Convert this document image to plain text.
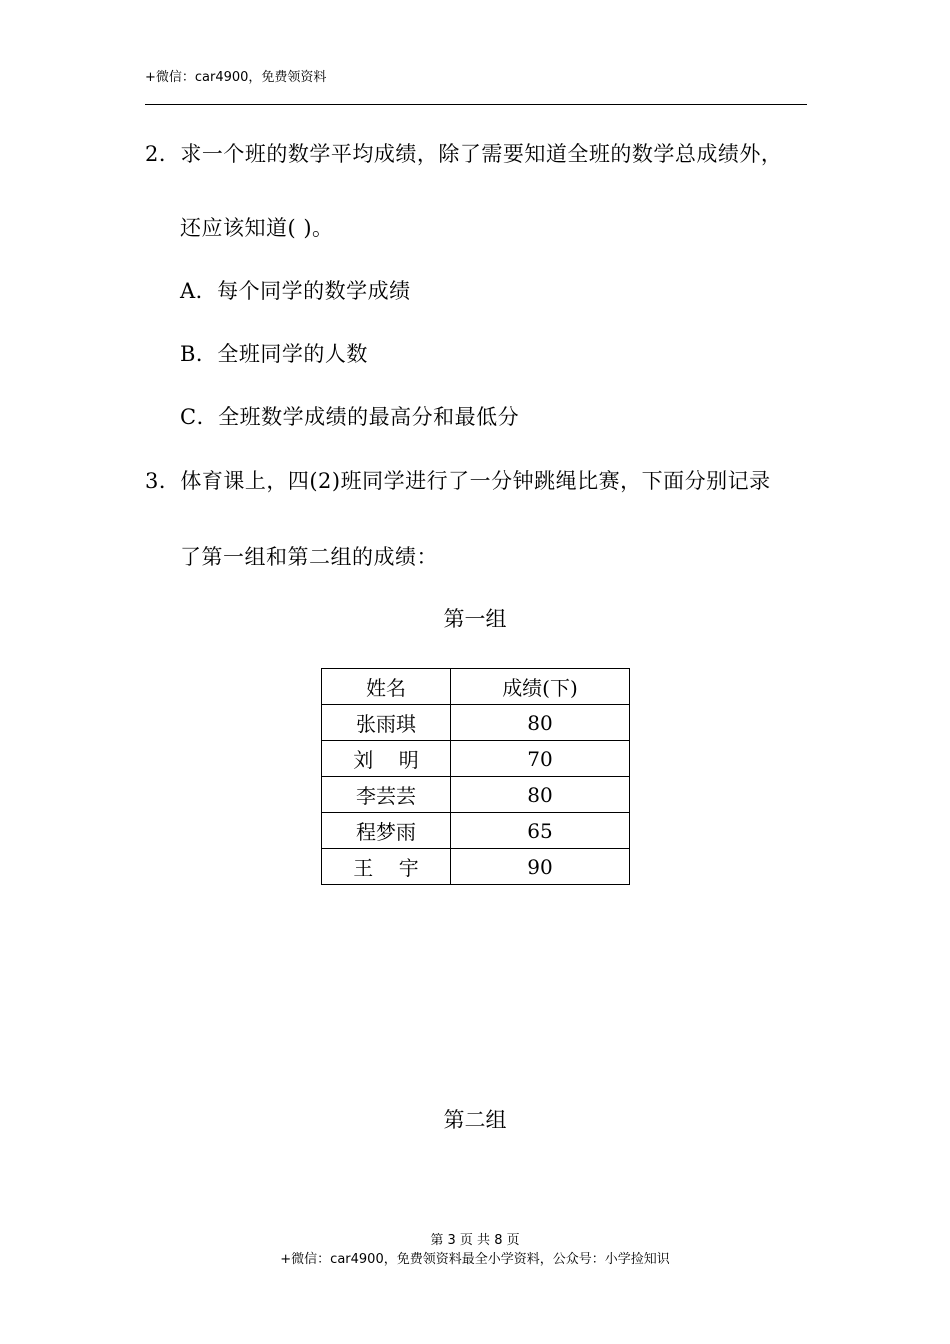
+微信：car4900，免费领资料
2．求一个班的数学平均成绩，除了需要知道全班的数学总成绩外，
还应该知道( )。
A．每个同学的数学成绩
B．全班同学的人数
C．全班数学成绩的最高分和最低分
3．体育课上，四(2)班同学进行了一分钟跳绳比赛，下面分别记录
了第一组和第二组的成绩：
第一组
姓名	成绩(下)
张雨琪	80
刘    明	70
李芸芸	80
程梦雨	65
王    宇	90
第二组
第 3 页 共 8 页
+微信：car4900，免费领资料最全小学资料，公众号：小学捡知识
